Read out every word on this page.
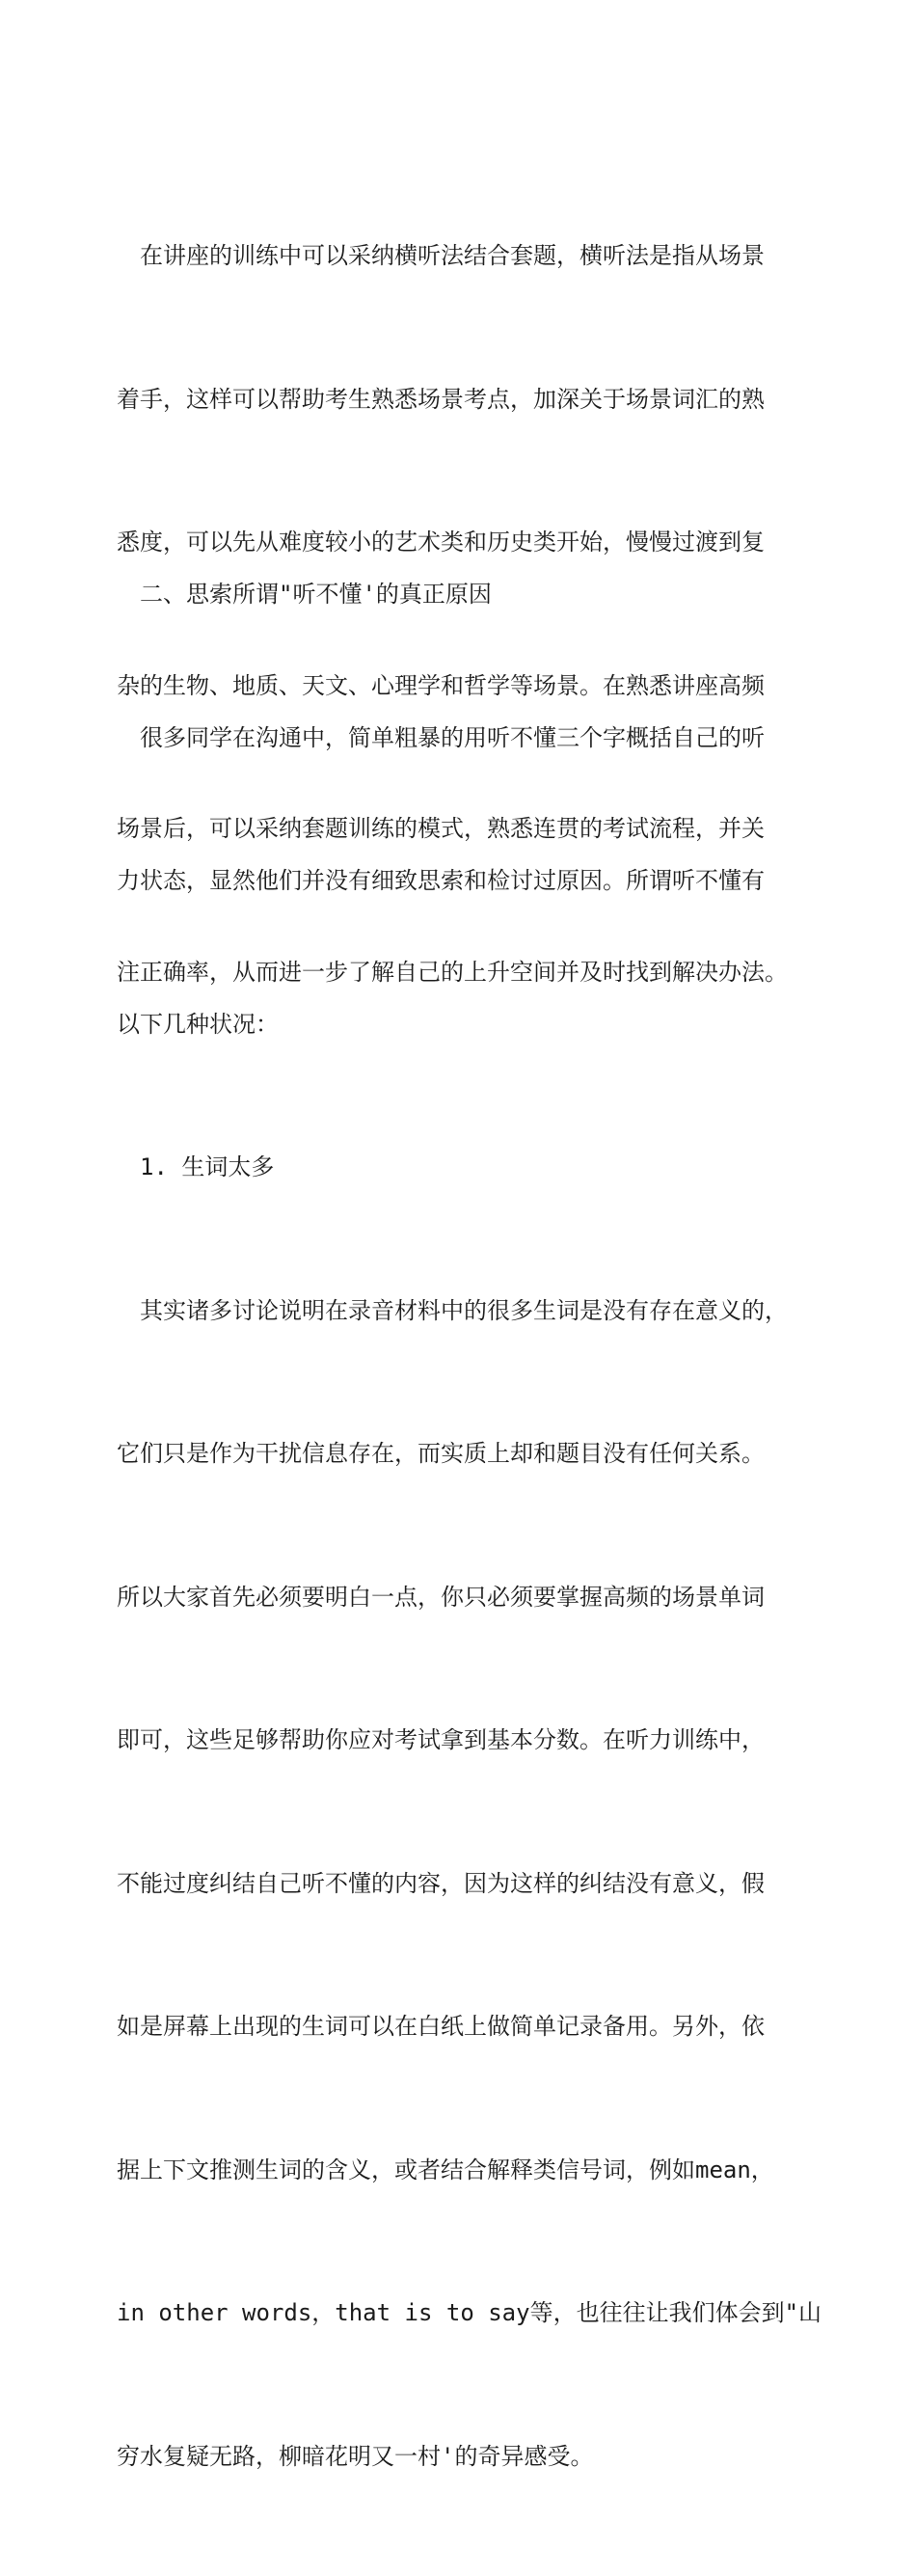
在讲座的训练中可以采纳横听法结合套题，横听法是指从场景

着手，这样可以帮助考生熟悉场景考点，加深关于场景词汇的熟

悉度，可以先从难度较小的艺术类和历史类开始，慢慢过渡到复

杂的生物、地质、天文、心理学和哲学等场景。在熟悉讲座高频

场景后，可以采纳套题训练的模式，熟悉连贯的考试流程，并关

注正确率，从而进一步了解自己的上升空间并及时找到解决办法。

二、思索所谓"听不懂'的真正原因

很多同学在沟通中，简单粗暴的用听不懂三个字概括自己的听

力状态，显然他们并没有细致思索和检讨过原因。所谓听不懂有

以下几种状况：

1. 生词太多

其实诸多讨论说明在录音材料中的很多生词是没有存在意义的，

它们只是作为干扰信息存在，而实质上却和题目没有任何关系。

所以大家首先必须要明白一点，你只必须要掌握高频的场景单词

即可，这些足够帮助你应对考试拿到基本分数。在听力训练中，

不能过度纠结自己听不懂的内容，因为这样的纠结没有意义，假

如是屏幕上出现的生词可以在白纸上做简单记录备用。另外，依

据上下文推测生词的含义，或者结合解释类信号词，例如mean，

in other words，that is to say等，也往往让我们体会到"山

穷水复疑无路，柳暗花明又一村'的奇异感受。
